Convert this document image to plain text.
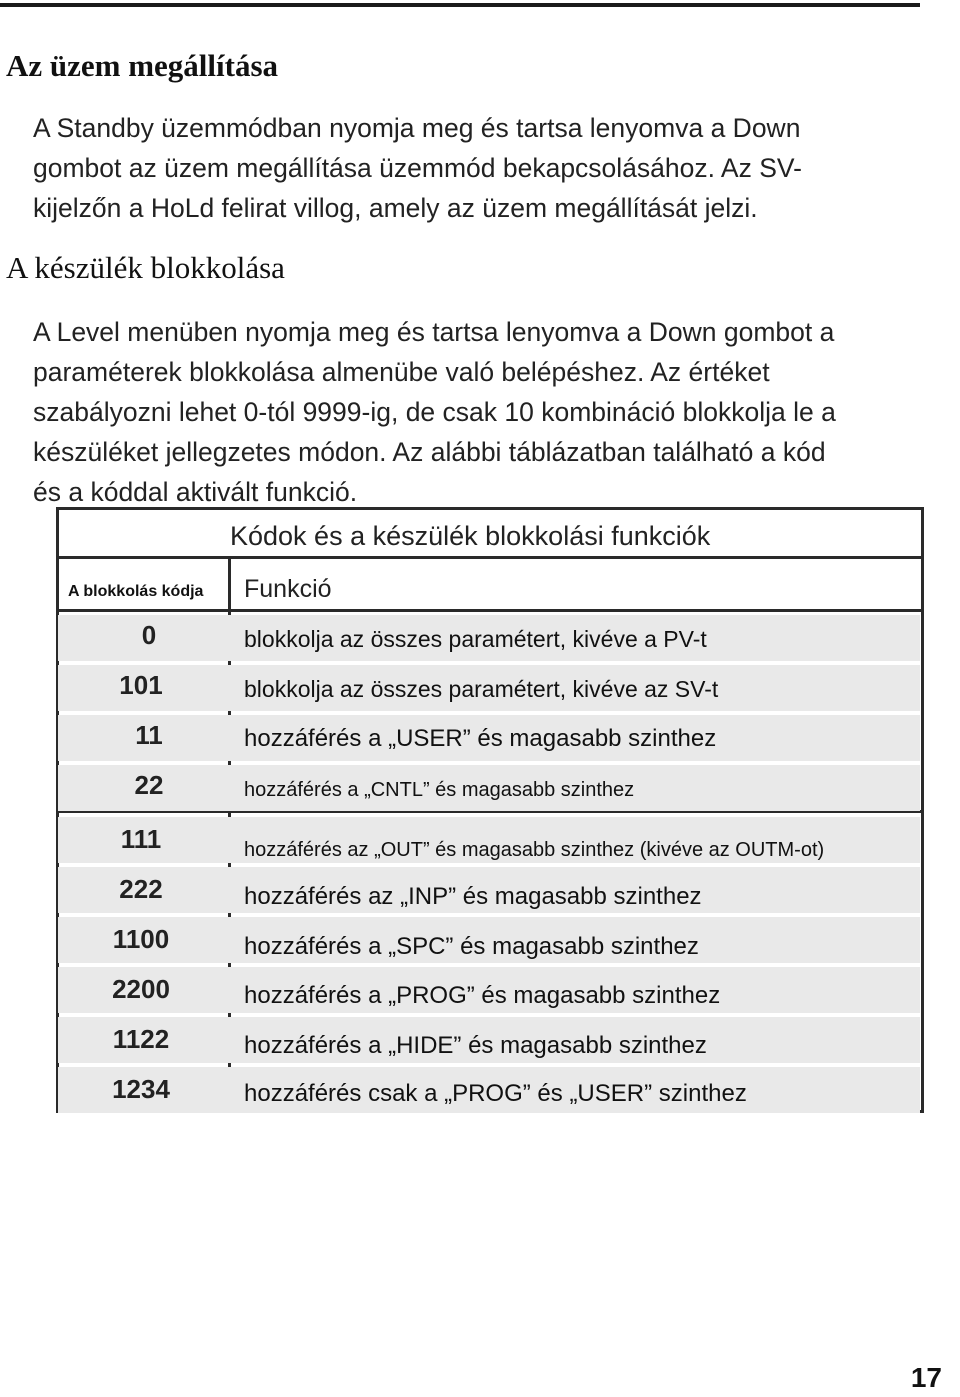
Az üzem megállítása
A Standby üzemmódban nyomja meg és tartsa lenyomva a Down
gombot az üzem megállítása üzemmód bekapcsolásához. Az SV-
kijelzőn a HoLd felirat villog, amely az üzem megállítását jelzi.
A készülék blokkolása
A Level menüben nyomja meg és tartsa lenyomva a Down gombot a
paraméterek blokkolása almenübe való belépéshez. Az értéket
szabályozni lehet 0-tól 9999-ig, de csak 10 kombináció blokkolja le a
készüléket jellegzetes módon. Az alábbi táblázatban található a kód
és a kóddal aktivált funkció.
Kódok és a készülék blokkolási funkciók
A blokkolás kódja Funkció
0
101
11
22
111
222
1100
2200
1122
1234
blokkolja az összes paramétert, kivéve a PV-t
blokkolja az összes paramétert, kivéve az SV-t
hozzáférés a „USER” és magasabb szinthez
hozzáférés a „CNTL” és magasabb szinthez
hozzáférés az „OUT” és magasabb szinthez (kivéve az OUTM-ot)
hozzáférés az „INP” és magasabb szinthez
hozzáférés a „SPC” és magasabb szinthez
hozzáférés a „PROG” és magasabb szinthez
hozzáférés a „HIDE” és magasabb szinthez
hozzáférés csak a „PROG” és „USER” szinthez
17
